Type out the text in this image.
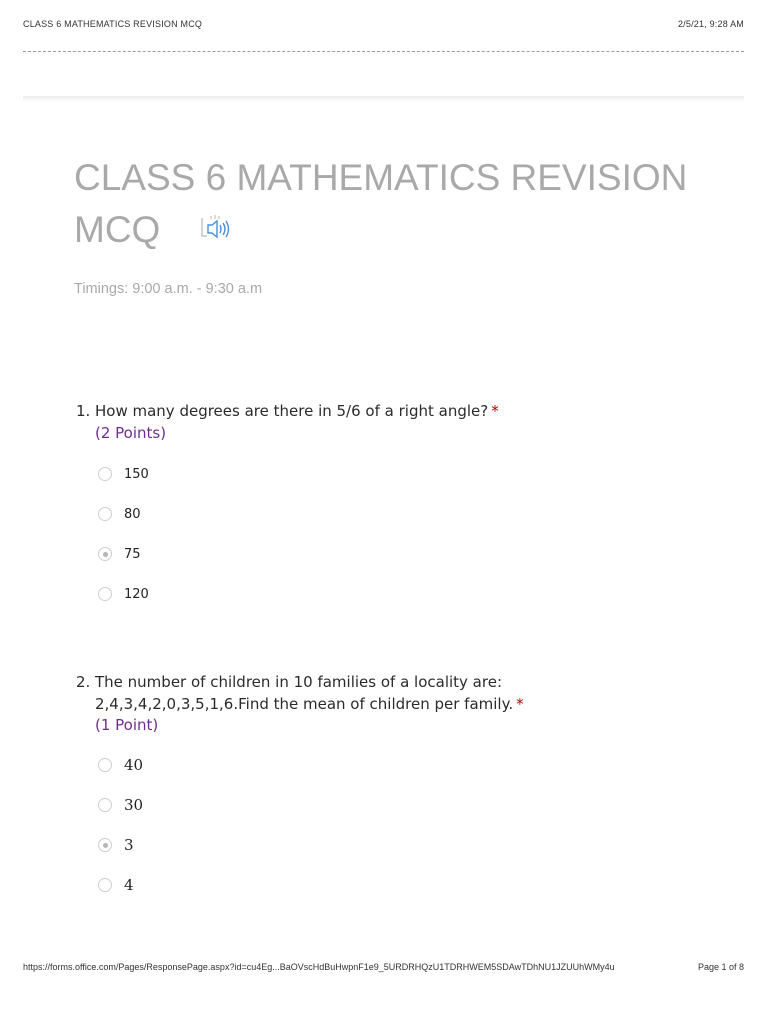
CLASS 6 MATHEMATICS REVISION MCQ	2/5/21, 9:28 AM
CLASS 6 MATHEMATICS REVISION MCQ
Timings: 9:00 a.m. - 9:30 a.m
1. How many degrees are there in 5/6 of a right angle? *
(2 Points)
150
80
75
120
2. The number of children in 10 families of a locality are: 2,4,3,4,2,0,3,5,1,6.Find the mean of children per family. *
(1 Point)
40
30
3
4
https://forms.office.com/Pages/ResponsePage.aspx?id=cu4Eg...BaOVscHdBuHwpnF1e9_5URDRHQzU1TDRHWEM5SDAwTDhNU1JZUUhWMy4u	Page 1 of 8
